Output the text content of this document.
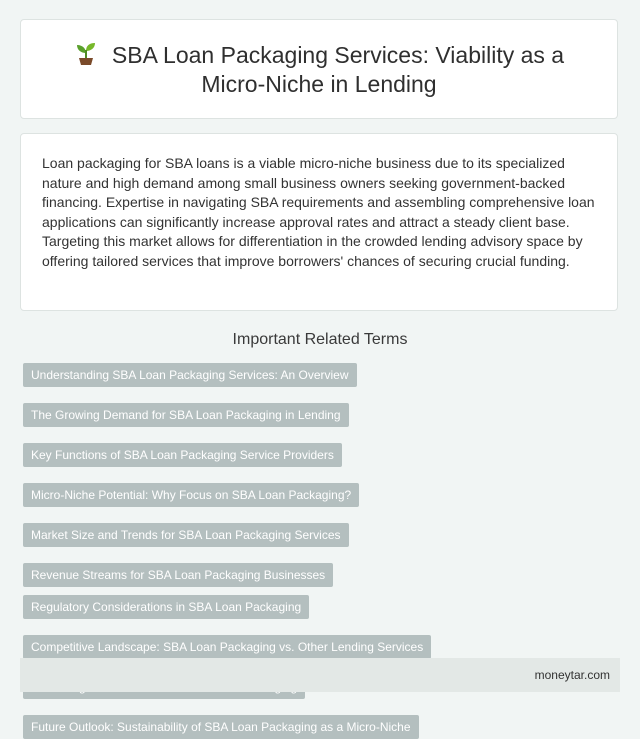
SBA Loan Packaging Services: Viability as a Micro-Niche in Lending

Loan packaging for SBA loans is a viable micro-niche business due to its specialized nature and high demand among small business owners seeking government-backed financing. Expertise in navigating SBA requirements and assembling comprehensive loan applications can significantly increase approval rates and attract a steady client base. Targeting this market allows for differentiation in the crowded lending advisory space by offering tailored services that improve borrowers' chances of securing crucial funding.

Important Related Terms
Understanding SBA Loan Packaging Services: An Overview
The Growing Demand for SBA Loan Packaging in Lending
Key Functions of SBA Loan Packaging Service Providers
Micro-Niche Potential: Why Focus on SBA Loan Packaging?
Market Size and Trends for SBA Loan Packaging Services
Revenue Streams for SBA Loan Packaging Businesses
Regulatory Considerations in SBA Loan Packaging
Competitive Landscape: SBA Loan Packaging vs. Other Lending Services
Future Outlook: Sustainability of SBA Loan Packaging as a Micro-Niche
moneytar.com
